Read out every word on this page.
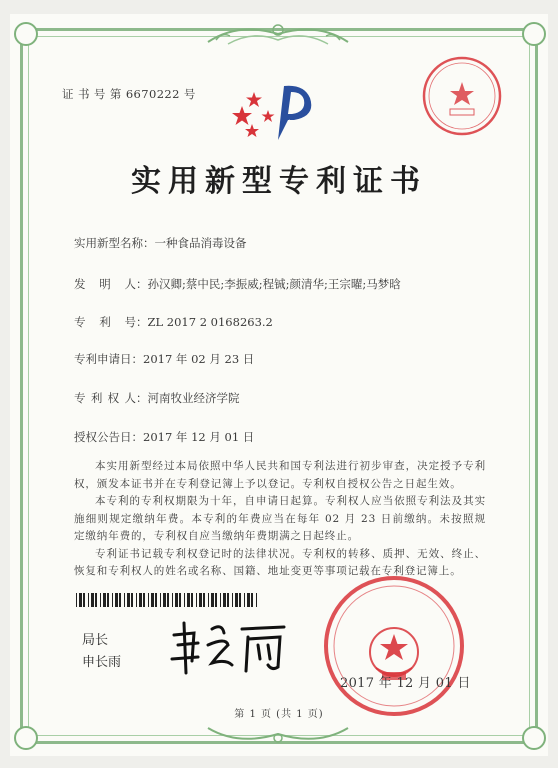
证 书 号 第 6670222 号
实用新型专利证书
实用新型名称：一种食品消毒设备
发 明 人：孙汉卿;蔡中民;李振威;程铖;颜清华;王宗曜;马梦晗
专 利 号：ZL 2017 2 0168263.2
专利申请日：2017 年 02 月 23 日
专 利 权 人：河南牧业经济学院
授权公告日：2017 年 12 月 01 日

本实用新型经过本局依照中华人民共和国专利法进行初步审查，决定授予专利权，颁发本证书并在专利登记簿上予以登记。专利权自授权公告之日起生效。

本专利的专利权期限为十年，自申请日起算。专利权人应当依照专利法及其实施细则规定缴纳年费。本专利的年费应当在每年 02 月 23 日前缴纳。未按照规定缴纳年费的，专利权自应当缴纳年费期满之日起终止。

专利证书记载专利权登记时的法律状况。专利权的转移、质押、无效、终止、恢复和专利权人的姓名或名称、国籍、地址变更等事项记载在专利登记簿上。

局长
申长雨
2017 年 12 月 01 日
第 1 页 (共 1 页)
